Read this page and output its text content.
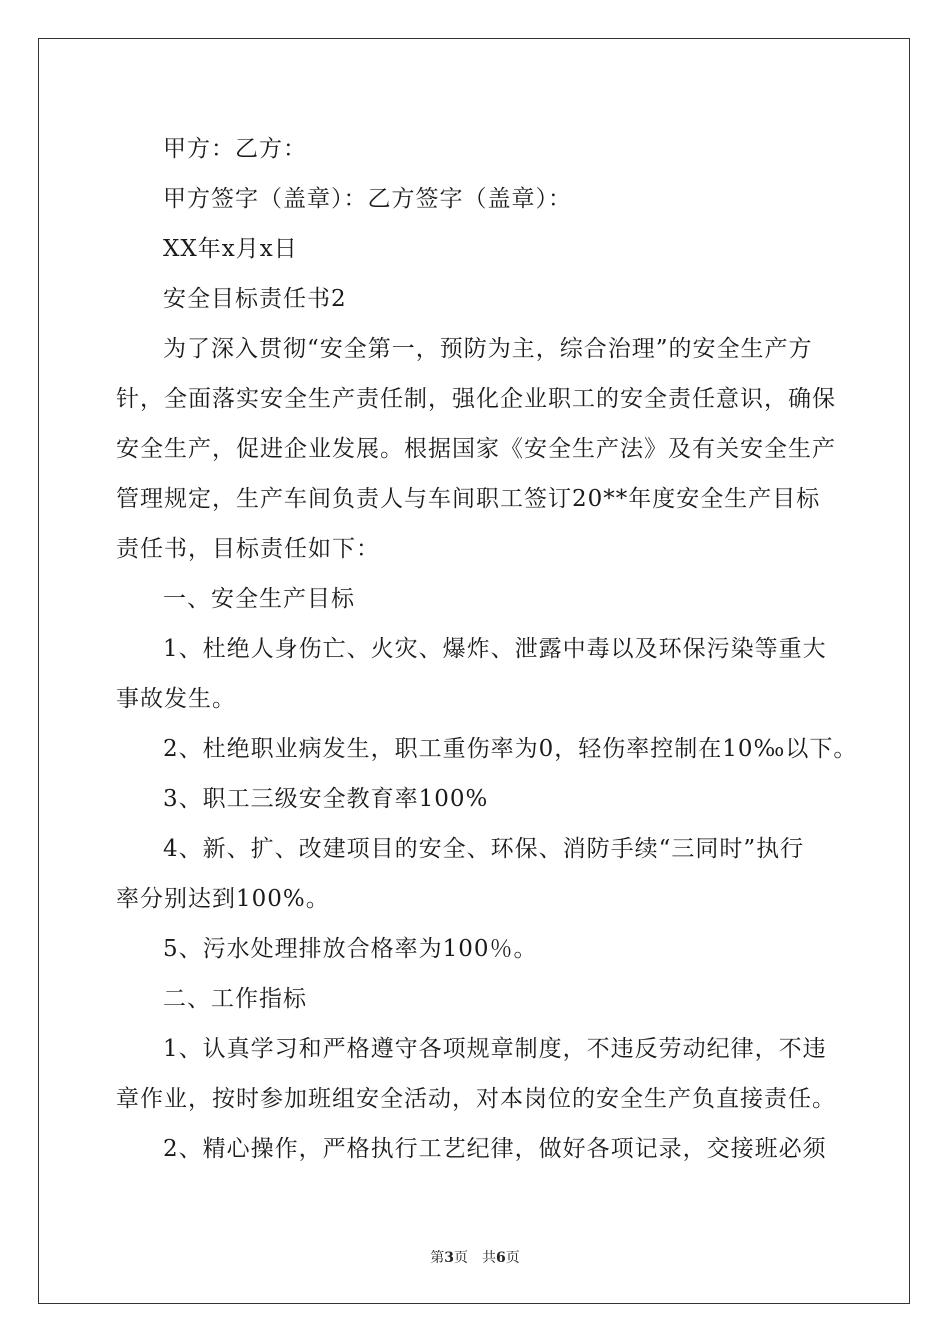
甲方：乙方：
甲方签字（盖章）：乙方签字（盖章）：
XX年x月x日
安全目标责任书2
为了深入贯彻“安全第一，预防为主，综合治理”的安全生产方
针，全面落实安全生产责任制，强化企业职工的安全责任意识，确保
安全生产，促进企业发展。根据国家《安全生产法》及有关安全生产
管理规定，生产车间负责人与车间职工签订20**年度安全生产目标
责任书，目标责任如下：
一、安全生产目标
1、杜绝人身伤亡、火灾、爆炸、泄露中毒以及环保污染等重大
事故发生。
2、杜绝职业病发生，职工重伤率为0，轻伤率控制在10‰以下。
3、职工三级安全教育率100%
4、新、扩、改建项目的安全、环保、消防手续“三同时”执行
率分别达到100%。
5、污水处理排放合格率为100％。
二、工作指标
1、认真学习和严格遵守各项规章制度，不违反劳动纪律，不违
章作业，按时参加班组安全活动，对本岗位的安全生产负直接责任。
2、精心操作，严格执行工艺纪律，做好各项记录，交接班必须
第3页　共6页
